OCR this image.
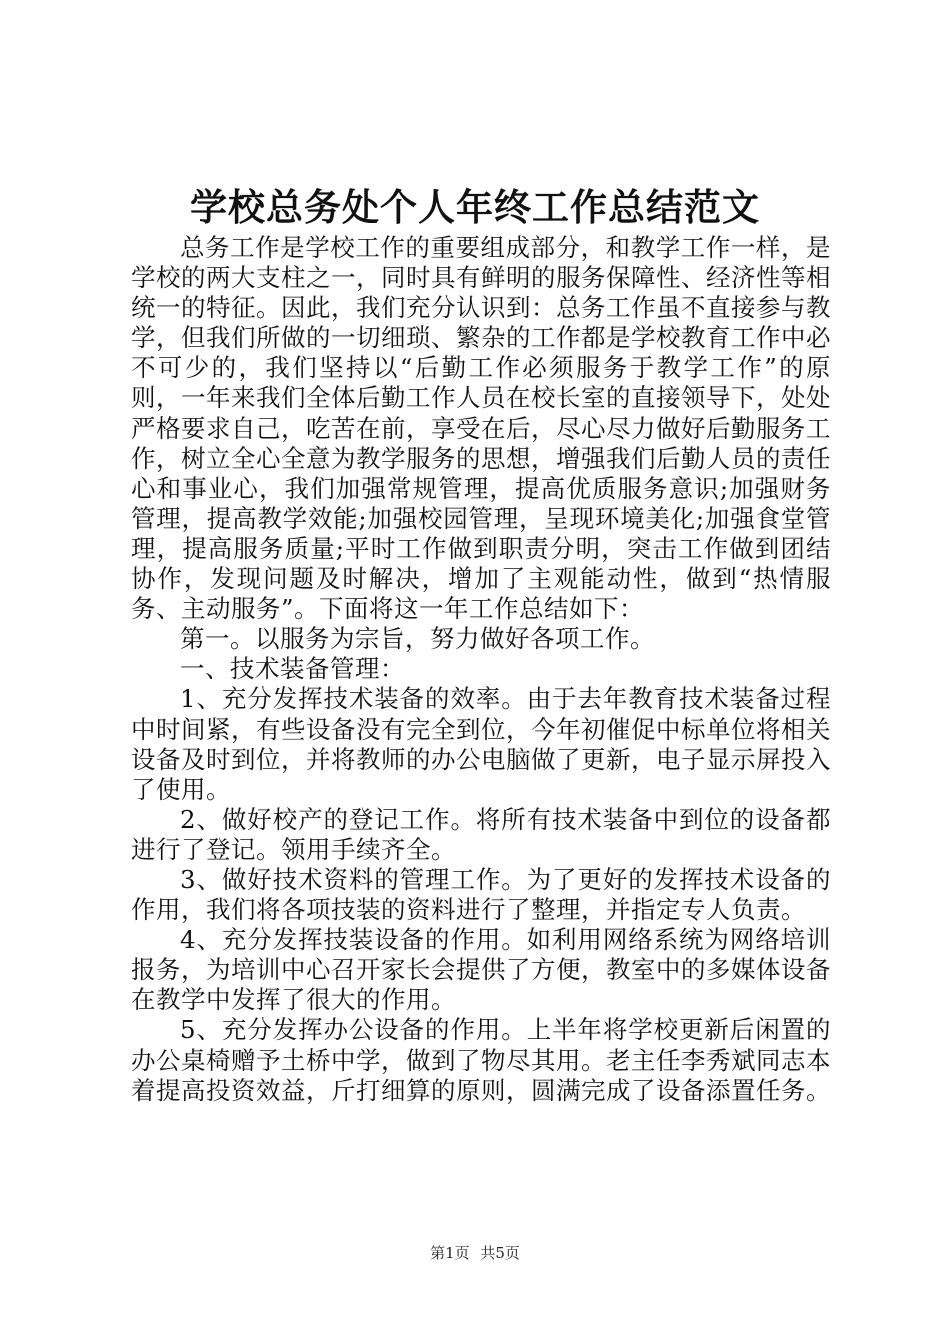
学校总务处个人年终工作总结范文

总务工作是学校工作的重要组成部分，和教学工作一样，是学校的两大支柱之一，同时具有鲜明的服务保障性、经济性等相统一的特征。因此，我们充分认识到：总务工作虽不直接参与教学，但我们所做的一切细琐、繁杂的工作都是学校教育工作中必不可少的，我们坚持以“后勤工作必须服务于教学工作”的原则，一年来我们全体后勤工作人员在校长室的直接领导下，处处严格要求自己，吃苦在前，享受在后，尽心尽力做好后勤服务工作，树立全心全意为教学服务的思想，增强我们后勤人员的责任心和事业心，我们加强常规管理，提高优质服务意识;加强财务管理，提高教学效能;加强校园管理，呈现环境美化;加强食堂管理，提高服务质量;平时工作做到职责分明，突击工作做到团结协作，发现问题及时解决，增加了主观能动性，做到“热情服务、主动服务”。下面将这一年工作总结如下：

第一。以服务为宗旨，努力做好各项工作。

一、技术装备管理：

1、充分发挥技术装备的效率。由于去年教育技术装备过程中时间紧，有些设备没有完全到位，今年初催促中标单位将相关设备及时到位，并将教师的办公电脑做了更新，电子显示屏投入了使用。

2、做好校产的登记工作。将所有技术装备中到位的设备都进行了登记。领用手续齐全。

3、做好技术资料的管理工作。为了更好的发挥技术设备的作用，我们将各项技装的资料进行了整理，并指定专人负责。

4、充分发挥技装设备的作用。如利用网络系统为网络培训报务，为培训中心召开家长会提供了方便，教室中的多媒体设备在教学中发挥了很大的作用。

5、充分发挥办公设备的作用。上半年将学校更新后闲置的办公桌椅赠予土桥中学，做到了物尽其用。老主任李秀斌同志本着提高投资效益，斤打细算的原则，圆满完成了设备添置任务。

第1页 共5页
